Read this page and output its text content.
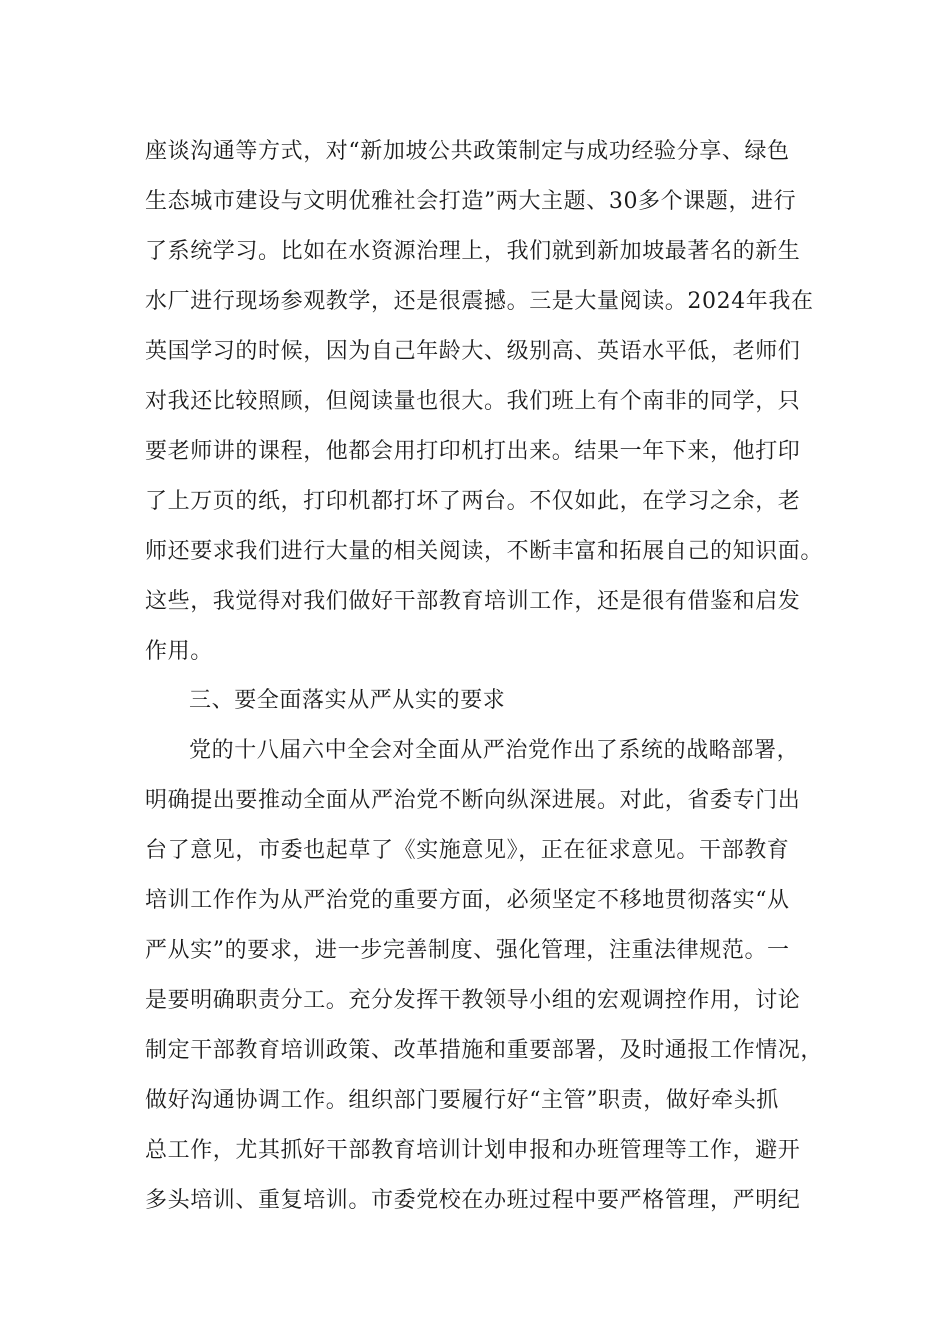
座谈沟通等方式，对“新加坡公共政策制定与成功经验分享、绿色
生态城市建设与文明优雅社会打造”两大主题、30多个课题，进行
了系统学习。比如在水资源治理上，我们就到新加坡最著名的新生
水厂进行现场参观教学，还是很震撼。三是大量阅读。2024年我在
英国学习的时候，因为自己年龄大、级别高、英语水平低，老师们
对我还比较照顾，但阅读量也很大。我们班上有个南非的同学，只
要老师讲的课程，他都会用打印机打出来。结果一年下来，他打印
了上万页的纸，打印机都打坏了两台。不仅如此，在学习之余，老
师还要求我们进行大量的相关阅读，不断丰富和拓展自己的知识面。
这些，我觉得对我们做好干部教育培训工作，还是很有借鉴和启发
作用。
三、要全面落实从严从实的要求
党的十八届六中全会对全面从严治党作出了系统的战略部署，
明确提出要推动全面从严治党不断向纵深进展。对此，省委专门出
台了意见，市委也起草了《实施意见》，正在征求意见。干部教育
培训工作作为从严治党的重要方面，必须坚定不移地贯彻落实“从
严从实”的要求，进一步完善制度、强化管理，注重法律规范。一
是要明确职责分工。充分发挥干教领导小组的宏观调控作用，讨论
制定干部教育培训政策、改革措施和重要部署，及时通报工作情况，
做好沟通协调工作。组织部门要履行好“主管”职责，做好牵头抓
总工作，尤其抓好干部教育培训计划申报和办班管理等工作，避开
多头培训、重复培训。市委党校在办班过程中要严格管理，严明纪
